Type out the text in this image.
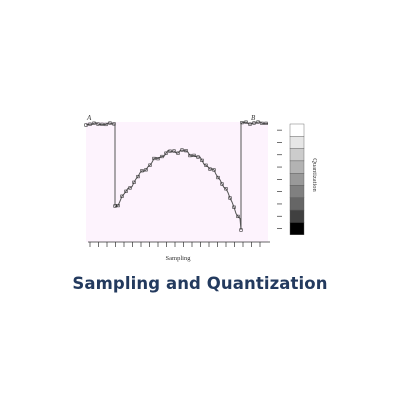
A	B
Sampling
Quantization
Sampling and Quantization
